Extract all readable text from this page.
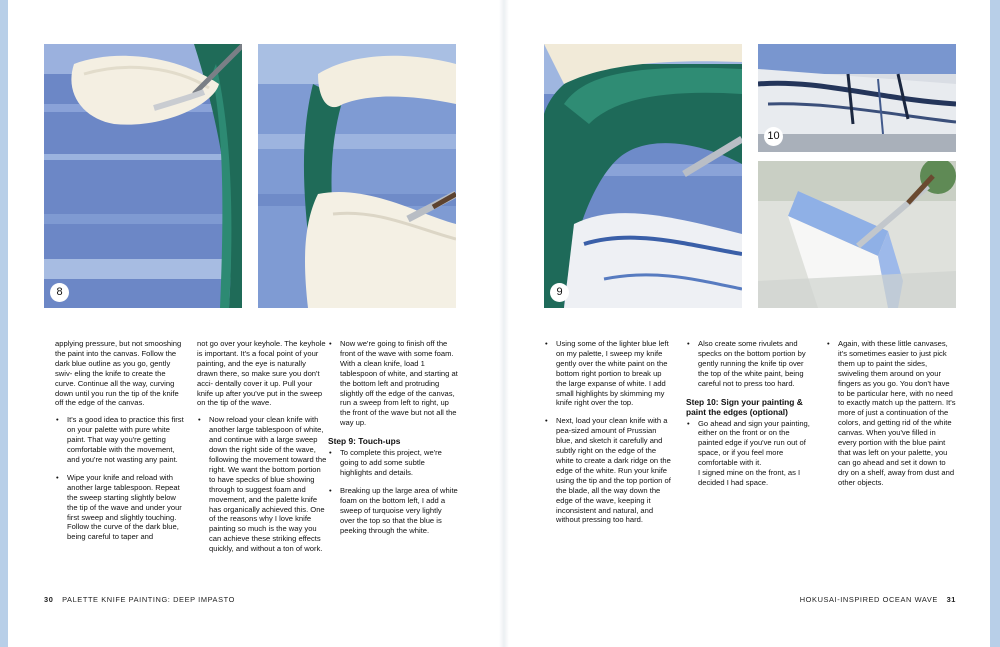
8	9
10

applying pressure, but not smooshing the paint into the canvas. Follow the dark blue outline as you go, gently swiv- eling the knife to create the curve. Continue all the way, curving down until you run the tip of the knife off the edge of the canvas.

• It's a good idea to practice this first on your palette with pure white paint. That way you're getting comfortable with the movement, and you're not wasting any paint.
• Wipe your knife and reload with another large tablespoon. Repeat the sweep starting slightly below the tip of the wave and under your first sweep and slightly touching. Follow the curve of the dark blue, being careful to taper and

not go over your keyhole. The keyhole is important. It's a focal point of your painting, and the eye is naturally drawn there, so make sure you don't acci- dentally cover it up. Pull your knife up after you've put in the sweep on the tip of the wave.

• Now reload your clean knife with another large tablespoon of white, and continue with a large sweep down the right side of the wave, following the movement toward the right. We want the bottom portion to have specks of blue showing through to suggest foam and movement, and the palette knife has organically achieved this. One of the reasons why I love knife painting so much is the way you can achieve these striking effects quickly, and without a ton of work.
• Now we're going to finish off the front of the wave with some foam. With a clean knife, load 1 tablespoon of white, and starting at the bottom left and protruding slightly off the edge of the canvas, run a sweep from left to right, up the front of the wave but not all the way up.
Step 9: Touch-ups
• To complete this project, we're going to add some subtle highlights and details.
• Breaking up the large area of white foam on the bottom left, I add a sweep of turquoise very lightly over the top so that the blue is peeking through the white.
• Using some of the lighter blue left on my palette, I sweep my knife gently over the white paint on the bottom right portion to break up the large expanse of white. I add small highlights by skimming my knife right over the top.
• Next, load your clean knife with a pea-sized amount of Prussian blue, and sketch it carefully and subtly right on the edge of the white to create a dark ridge on the edge of the white. Run your knife using the tip and the top portion of the blade, all the way down the edge of the wave, keeping it inconsistent and natural, and without pressing too hard.
• Also create some rivulets and specks on the bottom portion by gently running the knife tip over the top of the white paint, being careful not to press too hard.
Step 10: Sign your painting & paint the edges (optional)
• Go ahead and sign your painting, either on the front or on the painted edge if you've run out of space, or if you feel more comfortable with it.
I signed mine on the front, as I decided I had space.
• Again, with these little canvases, it's sometimes easier to just pick them up to paint the sides, swiveling them around on your fingers as you go. You don't have to be particular here, with no need to exactly match up the pattern. It's more of just a continuation of the colors, and getting rid of the white canvas. When you've filled in every portion with the blue paint that was left on your palette, you can go ahead and set it down to dry on a shelf, away from dust and other objects.
30 PALETTE KNIFE PAINTING: DEEP IMPASTO	HOKUSAI-INSPIRED OCEAN WAVE 31
